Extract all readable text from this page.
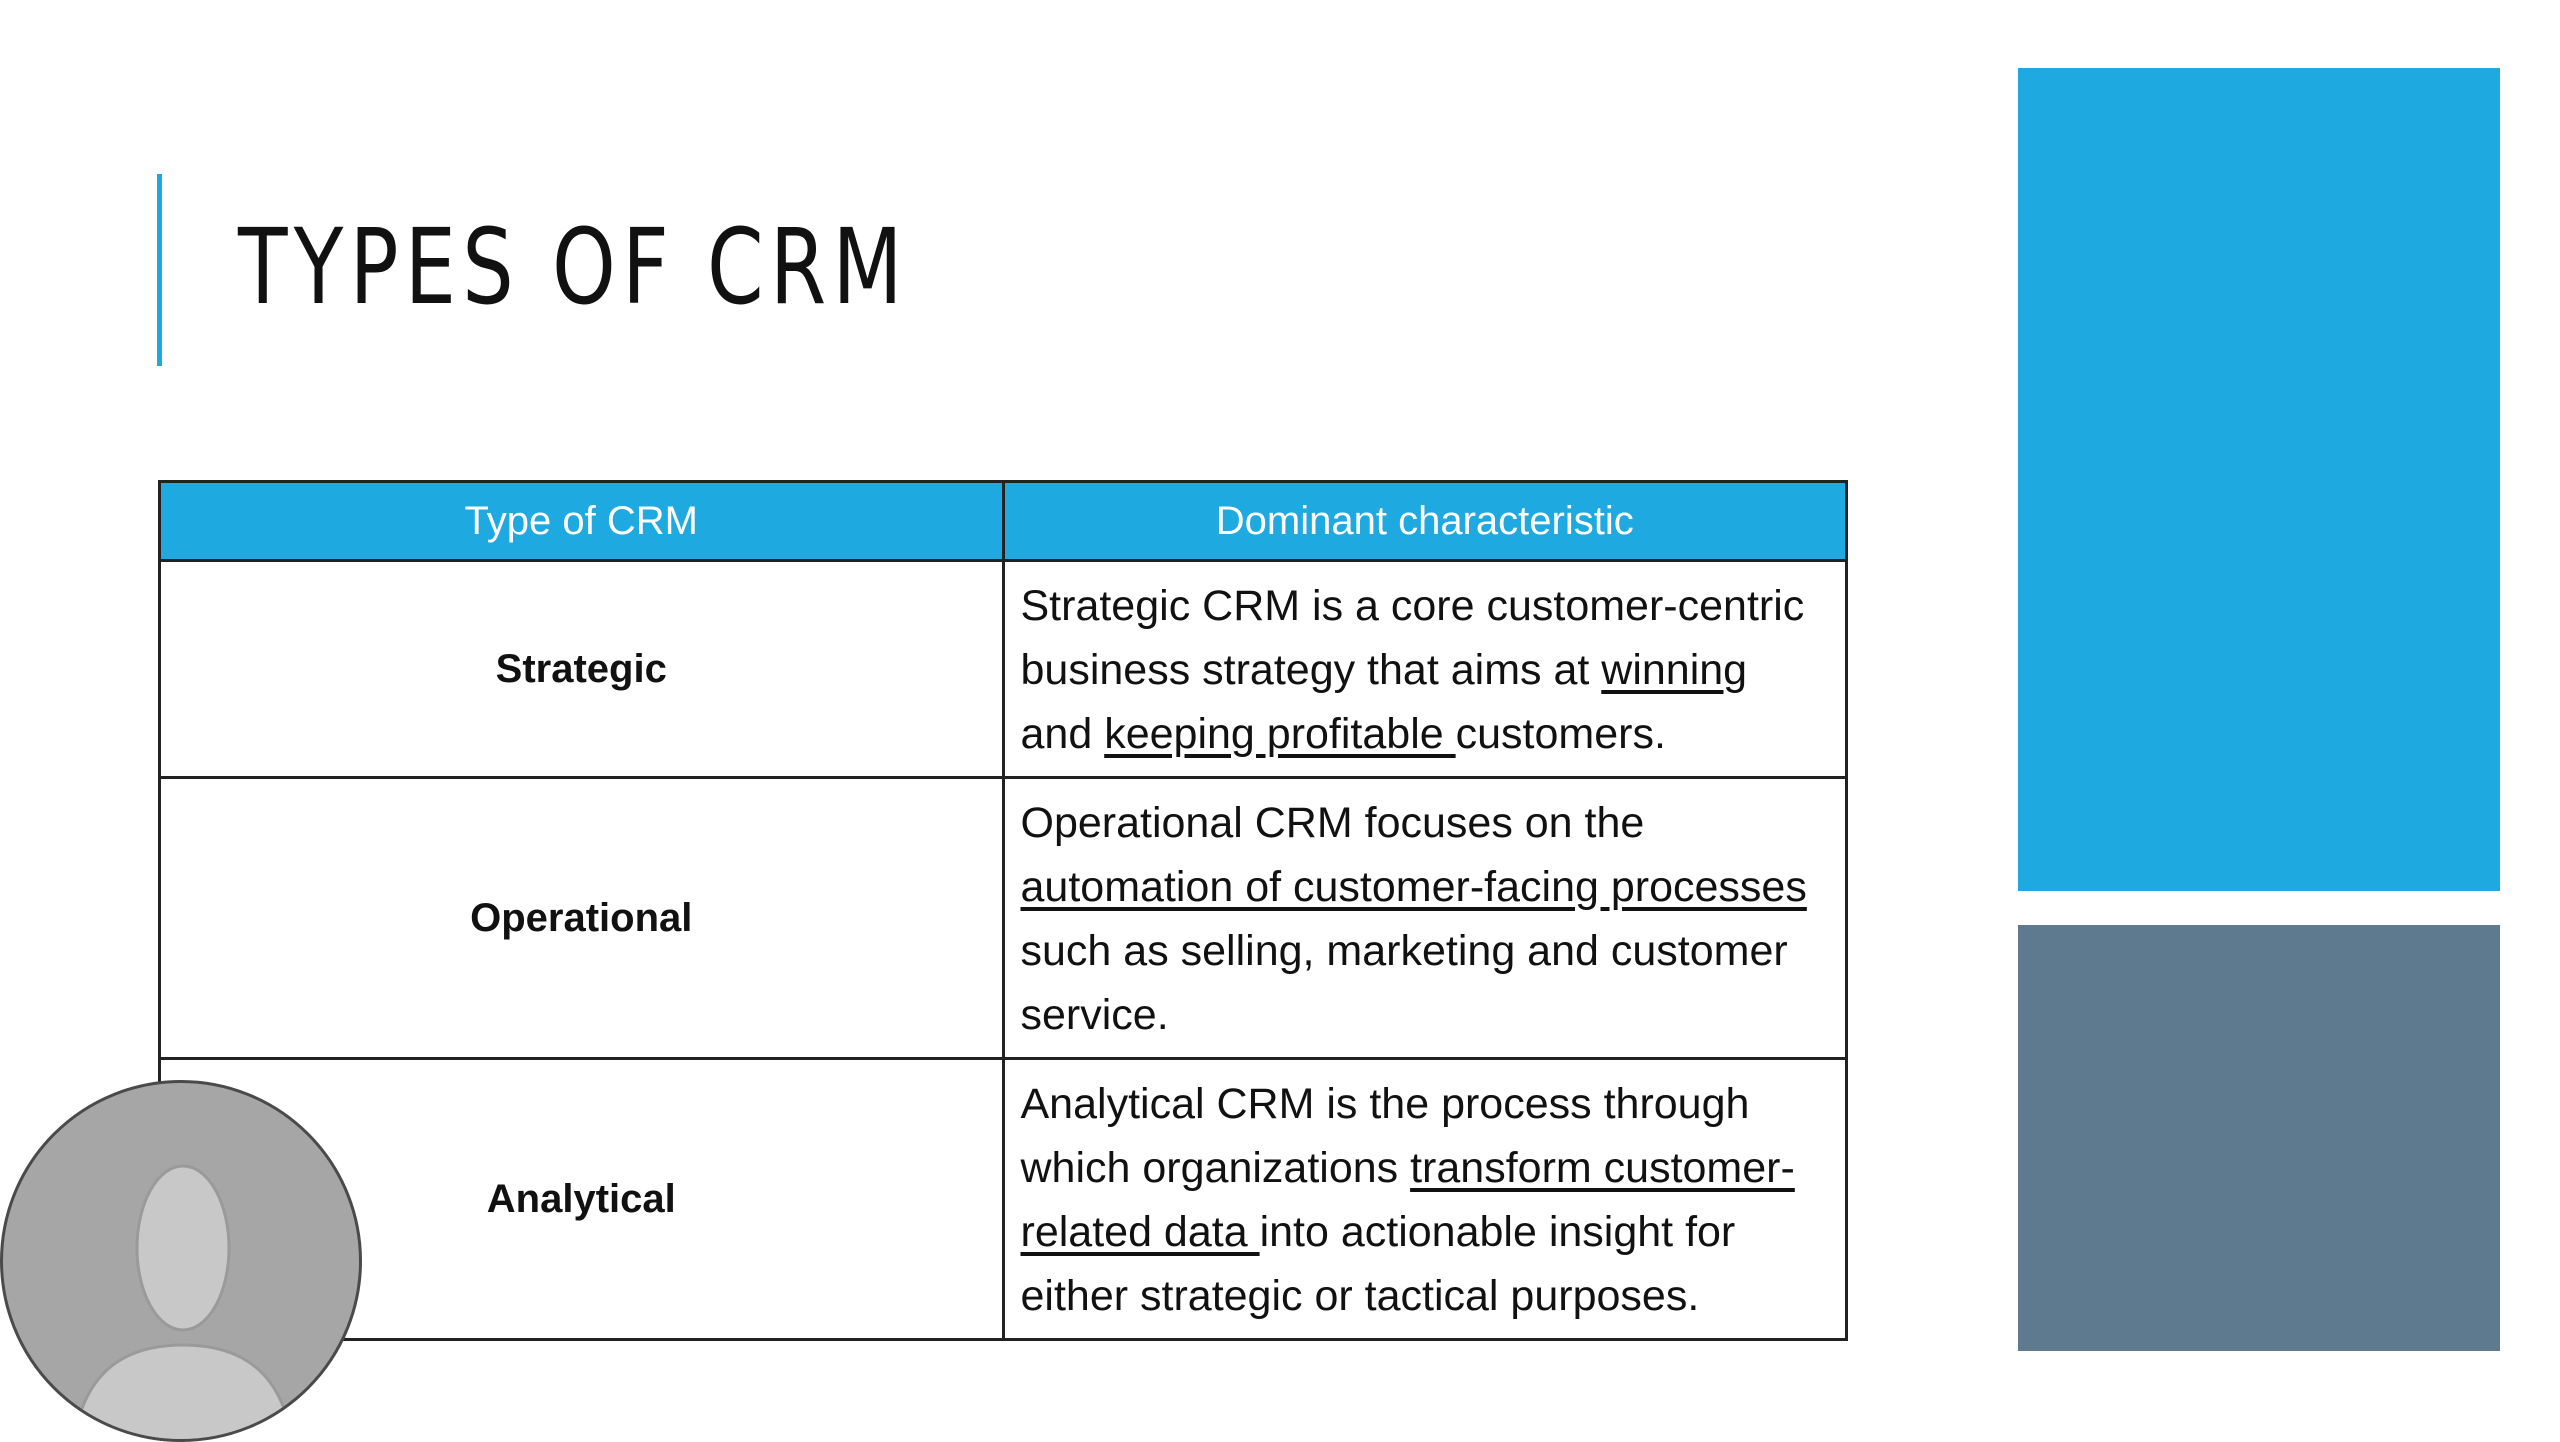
TYPES OF CRM
Type of CRM	Dominant characteristic
Strategic	Strategic CRM is a core customer-centric business strategy that aims at winning and keeping profitable customers.
Operational	Operational CRM focuses on the automation of customer-facing processes such as selling, marketing and customer service.
Analytical	Analytical CRM is the process through which organizations transform customer-related data into actionable insight for either strategic or tactical purposes.
